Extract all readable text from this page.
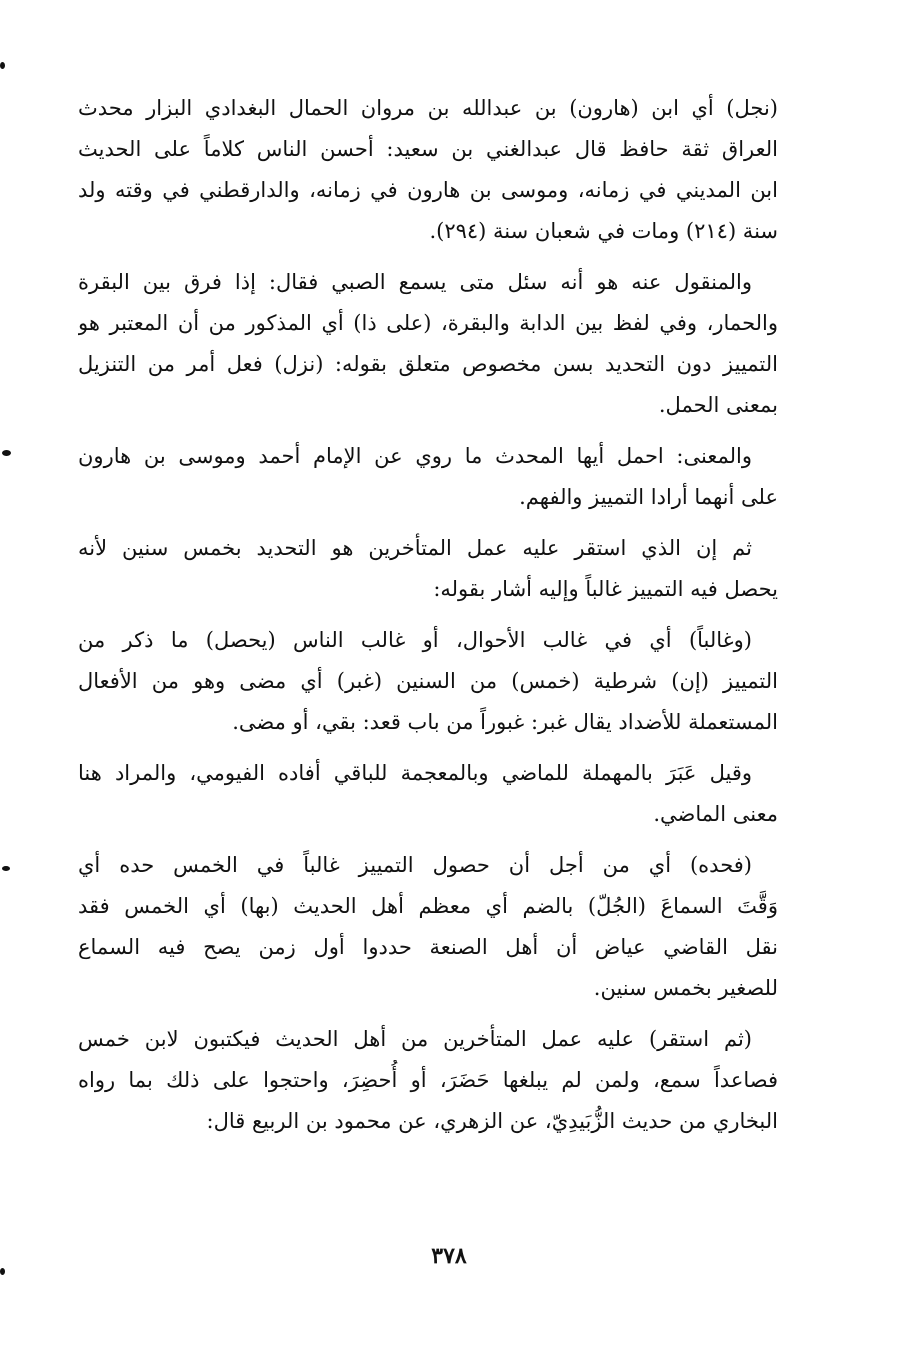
(نجل) أي ابن (هارون) بن عبدالله بن مروان الحمال البغدادي البزار محدث
العراق ثقة حافظ قال عبدالغني بن سعيد: أحسن الناس كلاماً على الحديث
ابن المديني في زمانه، وموسى بن هارون في زمانه، والدارقطني في وقته ولد
سنة (٢١٤) ومات في شعبان سنة (٢٩٤).
والمنقول عنه هو أنه سئل متى يسمع الصبي فقال: إذا فرق بين البقرة
والحمار، وفي لفظ بين الدابة والبقرة، (على ذا) أي المذكور من أن المعتبر هو
التمييز دون التحديد بسن مخصوص متعلق بقوله: (نزل) فعل أمر من التنزيل
بمعنى الحمل.
والمعنى: احمل أيها المحدث ما روي عن الإمام أحمد وموسى بن هارون
على أنهما أرادا التمييز والفهم.
ثم إن الذي استقر عليه عمل المتأخرين هو التحديد بخمس سنين لأنه
يحصل فيه التمييز غالباً وإليه أشار بقوله:
(وغالباً) أي في غالب الأحوال، أو غالب الناس (يحصل) ما ذكر من
التمييز (إن) شرطية (خمس) من السنين (غبر) أي مضى وهو من الأفعال
المستعملة للأضداد يقال غبر: غبوراً من باب قعد: بقي، أو مضى.
وقيل عَبَرَ بالمهملة للماضي وبالمعجمة للباقي أفاده الفيومي، والمراد هنا
معنى الماضي.
(فحده) أي من أجل أن حصول التمييز غالباً في الخمس حده أي
وَقَّتَ السماعَ (الجُلّ) بالضم أي معظم أهل الحديث (بها) أي الخمس فقد
نقل القاضي عياض أن أهل الصنعة حددوا أول زمن يصح فيه السماع
للصغير بخمس سنين.
(ثم استقر) عليه عمل المتأخرين من أهل الحديث فيكتبون لابن خمس
فصاعداً سمع، ولمن لم يبلغها حَضَرَ، أو أُحضِرَ، واحتجوا على ذلك بما رواه
البخاري من حديث الزُّبَيدِيّ، عن الزهري، عن محمود بن الربيع قال:
٣٧٨
